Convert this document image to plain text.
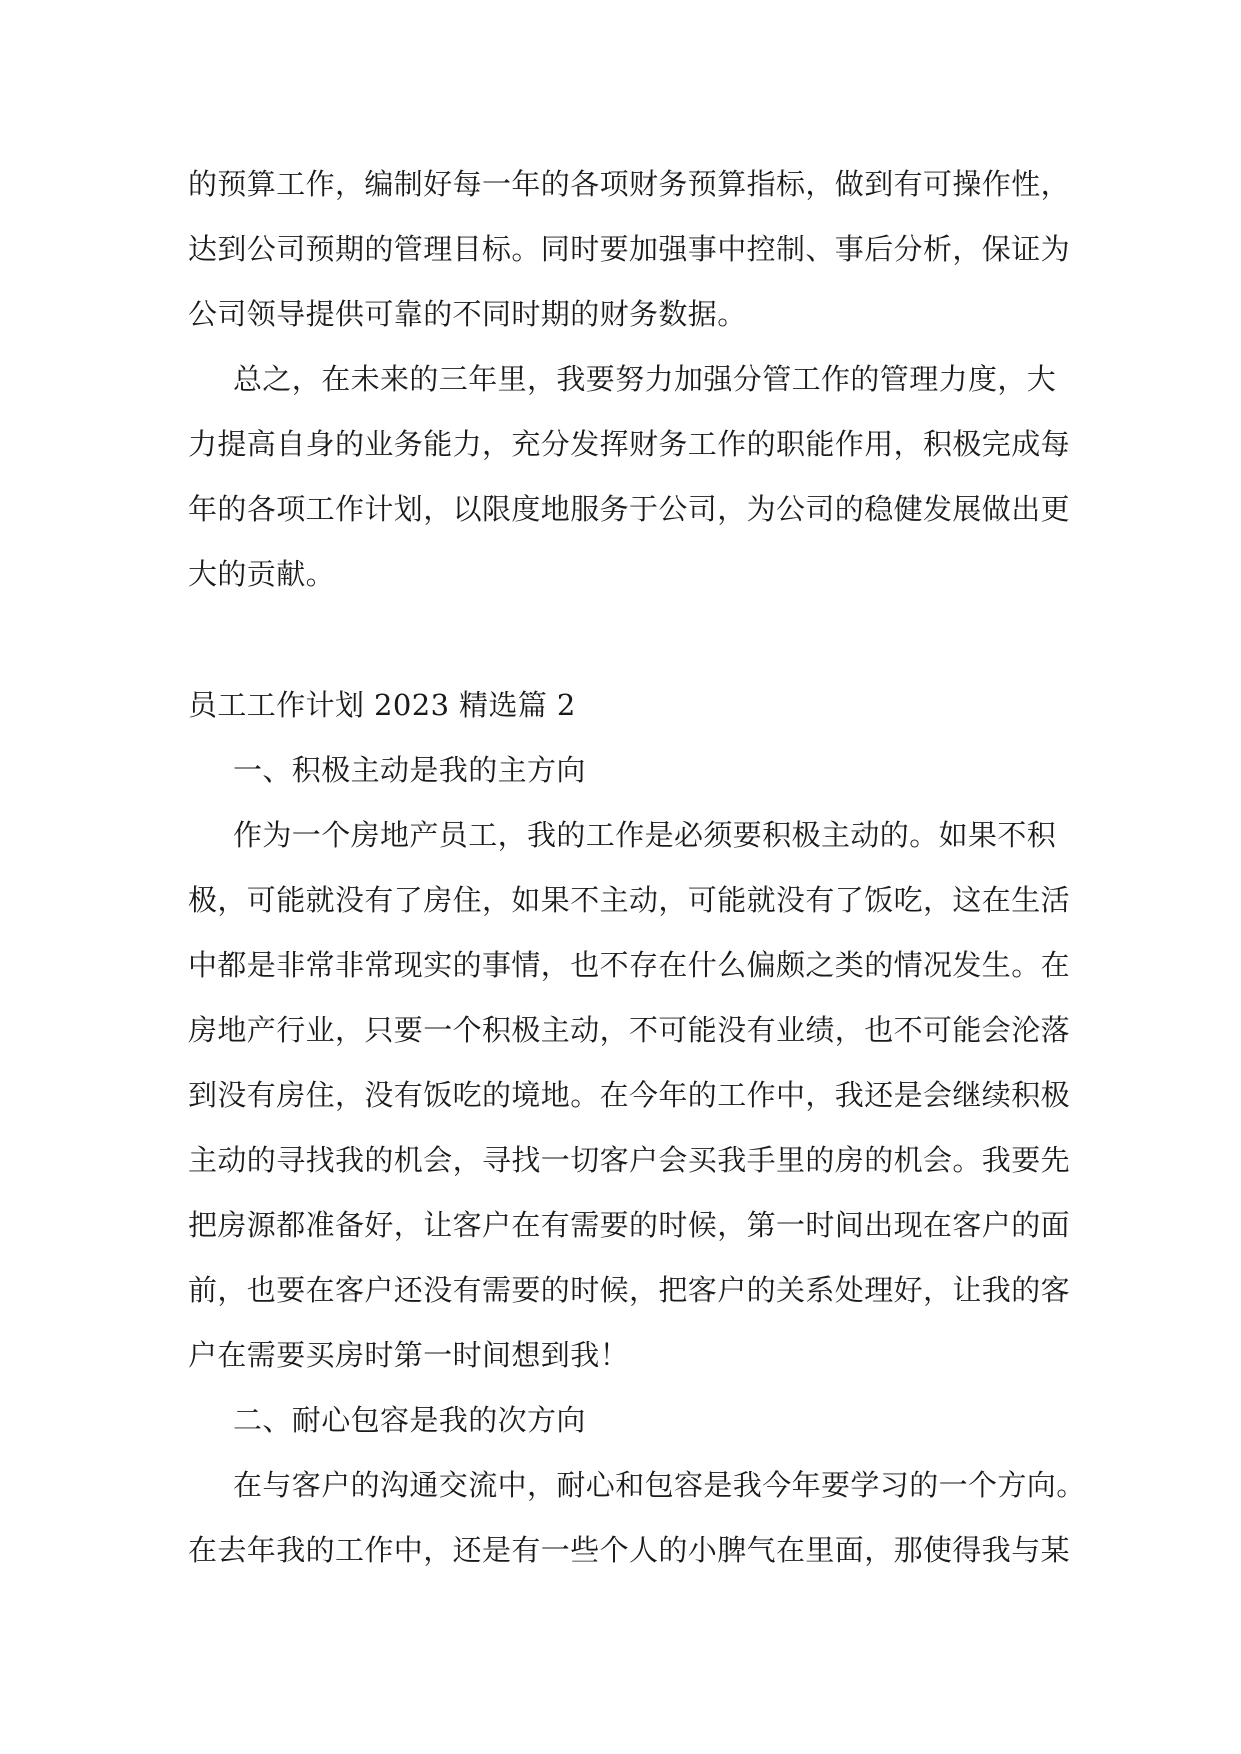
的预算工作，编制好每一年的各项财务预算指标，做到有可操作性，
达到公司预期的管理目标。同时要加强事中控制、事后分析，保证为
公司领导提供可靠的不同时期的财务数据。
总之，在未来的三年里，我要努力加强分管工作的管理力度，大
力提高自身的业务能力，充分发挥财务工作的职能作用，积极完成每
年的各项工作计划，以限度地服务于公司，为公司的稳健发展做出更
大的贡献。
员工工作计划 2023 精选篇 2
一、积极主动是我的主方向
作为一个房地产员工，我的工作是必须要积极主动的。如果不积
极，可能就没有了房住，如果不主动，可能就没有了饭吃，这在生活
中都是非常非常现实的事情，也不存在什么偏颇之类的情况发生。在
房地产行业，只要一个积极主动，不可能没有业绩，也不可能会沦落
到没有房住，没有饭吃的境地。在今年的工作中，我还是会继续积极
主动的寻找我的机会，寻找一切客户会买我手里的房的机会。我要先
把房源都准备好，让客户在有需要的时候，第一时间出现在客户的面
前，也要在客户还没有需要的时候，把客户的关系处理好，让我的客
户在需要买房时第一时间想到我！
二、耐心包容是我的次方向
在与客户的沟通交流中，耐心和包容是我今年要学习的一个方向。
在去年我的工作中，还是有一些个人的小脾气在里面，那使得我与某
